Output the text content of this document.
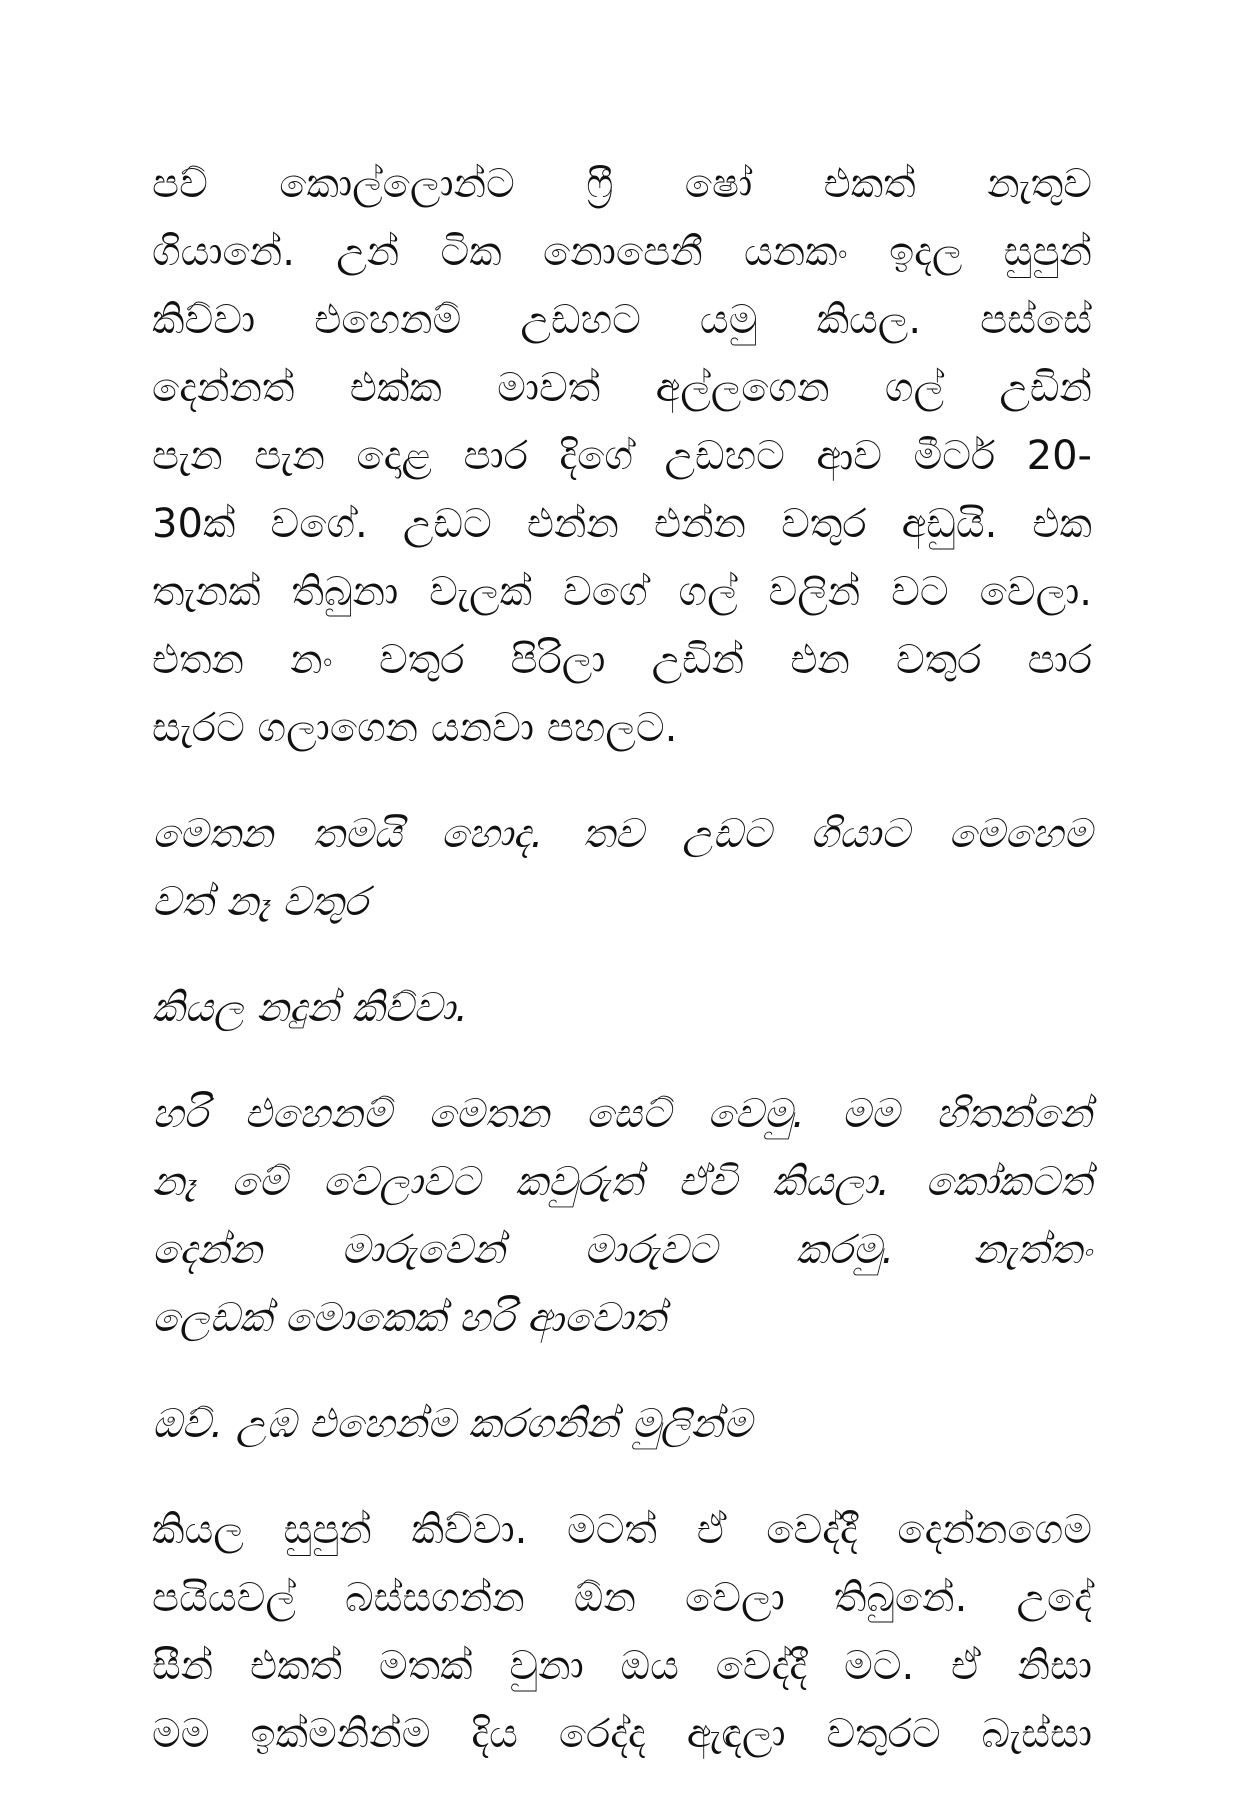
පව් කොල්ලොන්ට ෆ්‍රී ෂෝ එකත් නැතුව
ගියානේ. උන් ටික නොපෙනී යනකං ඉදල සුපුන්
කිව්වා එහෙනම් උඩහට යමු කියල. පස්සේ
දෙන්නත් එක්ක මාවත් අල්ලගෙන ගල් උඩින්
පැන පැන දොළ පාර දිගේ උඩහට ආව මීටර් 20-
30ක් වගේ. උඩට එන්න එන්න වතුර අඩුයි. එක
තැනක් තිබුනා වැලක් වගේ ගල් වලින් වට වෙලා.
එතන නං වතුර පිරිලා උඩින් එන වතුර පාර
සැරට ගලාගෙන යනවා පහලට.
මෙතන තමයි හොද. තව උඩට ගියාට මෙහෙම
වත් නෑ වතුර
කියල නදුන් කිව්වා.
හරි එහෙනම් මෙතන සෙට් වෙමු. මම හිතන්නේ
නෑ මේ වෙලාවට කවුරුත් ඒවි කියලා. කෝකටත්
දෙන්න මාරුවෙන් මාරුවට කරමු. නැත්තං
ලෙඩක් මොකෙක් හරි ආවොත්
ඔව්. උඹ එහෙන්ම කරගනින් මුලින්ම
කියල සුපුන් කිව්වා. මටත් ඒ වෙද්දී දෙන්නගෙම
පයියවල් බස්සගන්න ඕන වෙලා තිබුනේ. උදේ
සීන් එකත් මතක් වුනා ඔය වෙද්දී මට. ඒ නිසා
මම ඉක්මනින්ම දිය රෙද්ද ඇඳලා වතුරට බැස්සා
